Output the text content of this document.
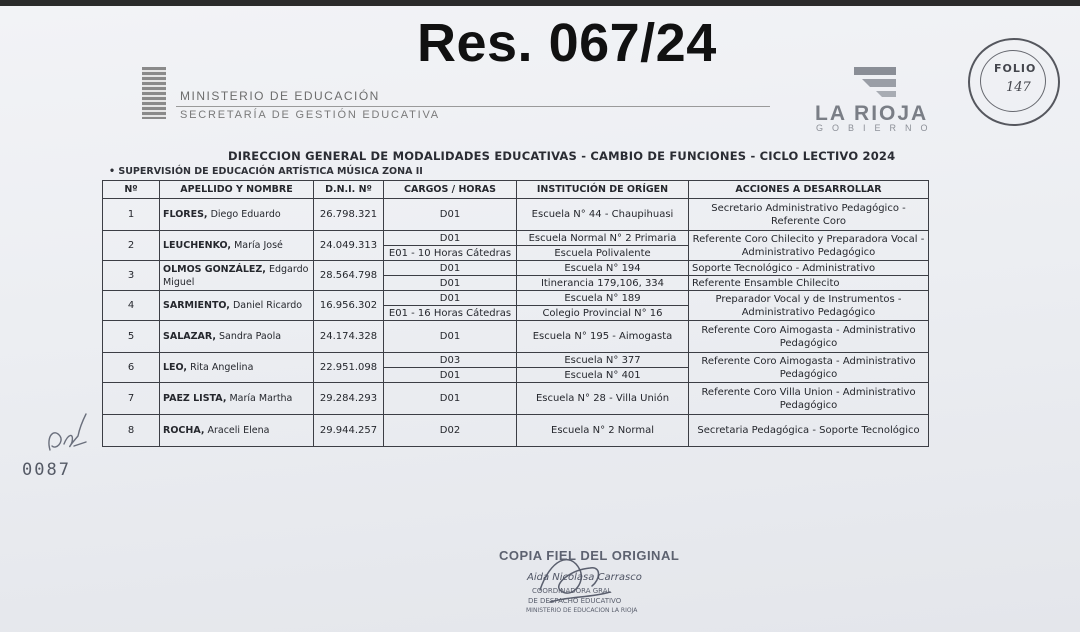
Res. 067/24
MINISTERIO DE EDUCACIÓN
SECRETARÍA DE GESTIÓN EDUCATIVA	LA RIOJA
GOBIERNO
FOLIO
147
DIRECCION GENERAL DE MODALIDADES EDUCATIVAS - CAMBIO DE FUNCIONES - CICLO LECTIVO 2024
• SUPERVISIÓN DE EDUCACIÓN ARTÍSTICA MÚSICA ZONA II
Nº	APELLIDO Y NOMBRE	D.N.I. Nº	CARGOS / HORAS	INSTITUCIÓN DE ORÍGEN	ACCIONES A DESARROLLAR
1	FLORES, Diego Eduardo	26.798.321	D01	Escuela N° 44 - Chaupihuasi	Secretario Administrativo Pedagógico - Referente Coro
2	LEUCHENKO, María José	24.049.313	D01	Escuela Normal N° 2 Primaria	Referente Coro Chilecito y Preparadora Vocal - Administrativo Pedagógico
			E01 - 10 Horas Cátedras	Escuela Polivalente	
3	OLMOS GONZÁLEZ, Edgardo Miguel	28.564.798	D01	Escuela N° 194	Soporte Tecnológico - Administrativo
			D01	Itinerancia 179,106, 334	Referente Ensamble Chilecito
4	SARMIENTO, Daniel Ricardo	16.956.302	D01	Escuela N° 189	Preparador Vocal y de Instrumentos - Administrativo Pedagógico
			E01 - 16 Horas Cátedras	Colegio Provincial N° 16	
5	SALAZAR, Sandra Paola	24.174.328	D01	Escuela N° 195 - Aimogasta	Referente Coro Aimogasta - Administrativo Pedagógico
6	LEO, Rita Angelina	22.951.098	D03	Escuela N° 377	Referente Coro Aimogasta - Administrativo Pedagógico
			D01	Escuela N° 401	
7	PAEZ LISTA, María Martha	29.284.293	D01	Escuela N° 28 - Villa Unión	Referente Coro Villa Union - Administrativo Pedagógico
8	ROCHA, Araceli Elena	29.944.257	D02	Escuela N° 2 Normal	Secretaria Pedagógica - Soporte Tecnológico
0087
COPIA FIEL DEL ORIGINAL
Aida Nicolasa Carrasco
COORDINADORA GRAL
DE DESPACHO EDUCATIVO
MINISTERIO DE EDUCACION LA RIOJA
